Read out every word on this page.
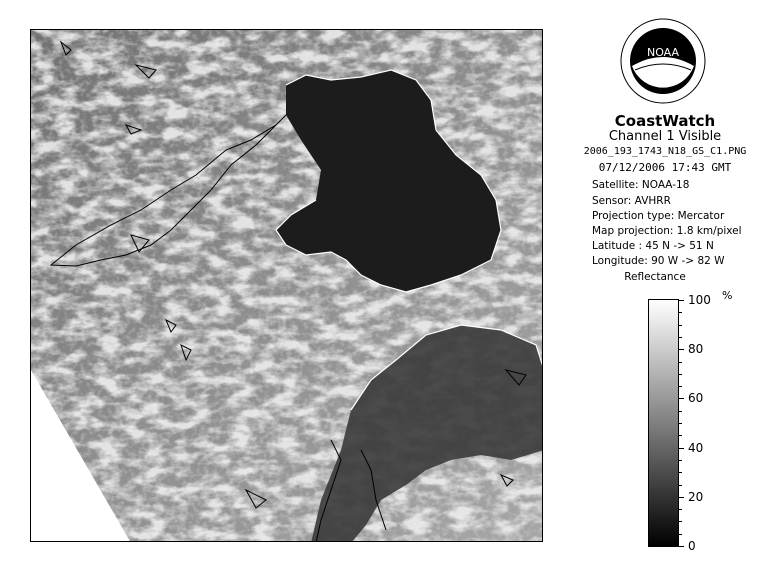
NOAA
CoastWatch
Channel 1 Visible
2006_193_1743_N18_GS_C1.PNG
07/12/2006 17:43 GMT
Satellite: NOAA-18
Sensor: AVHRR
Projection type: Mercator
Map projection: 1.8 km/pixel
Latitude : 45 N -> 51 N
Longitude: 90 W -> 82 W
Reflectance
%
100
80
60
40
20
0
